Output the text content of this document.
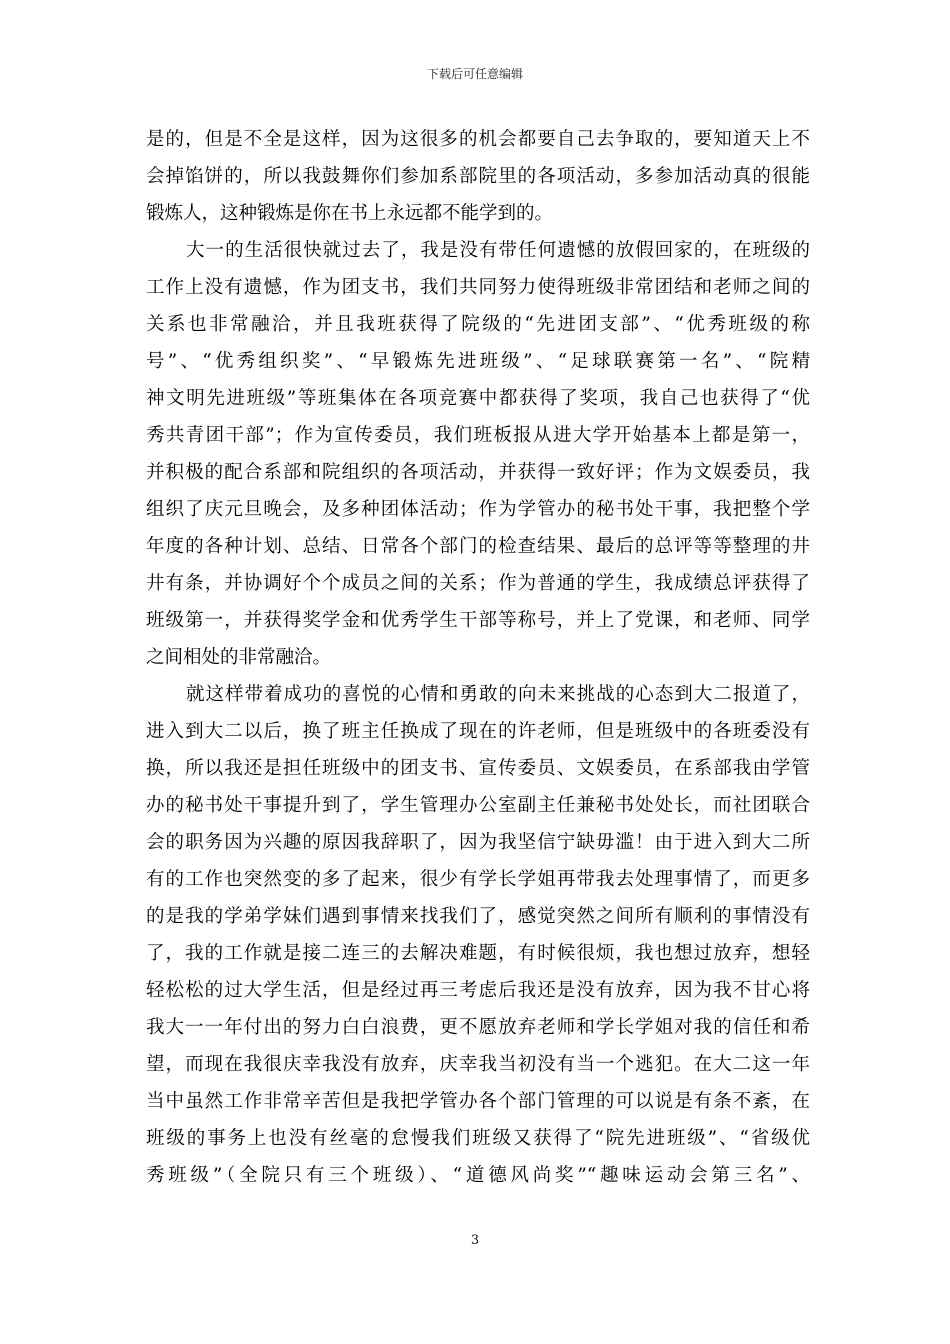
下载后可任意编辑
是的，但是不全是这样，因为这很多的机会都要自己去争取的，要知道天上不
会掉馅饼的，所以我鼓舞你们参加系部院里的各项活动，多参加活动真的很能
锻炼人，这种锻炼是你在书上永远都不能学到的。
大一的生活很快就过去了，我是没有带任何遗憾的放假回家的，在班级的
工作上没有遗憾，作为团支书，我们共同努力使得班级非常团结和老师之间的
关系也非常融洽，并且我班获得了院级的“先进团支部”、“优秀班级的称
号”、“优秀组织奖”、“早锻炼先进班级”、“足球联赛第一名”、“院精
神文明先进班级”等班集体在各项竞赛中都获得了奖项，我自己也获得了“优
秀共青团干部”；作为宣传委员，我们班板报从进大学开始基本上都是第一，
并积极的配合系部和院组织的各项活动，并获得一致好评；作为文娱委员，我
组织了庆元旦晚会，及多种团体活动；作为学管办的秘书处干事，我把整个学
年度的各种计划、总结、日常各个部门的检查结果、最后的总评等等整理的井
井有条，并协调好个个成员之间的关系；作为普通的学生，我成绩总评获得了
班级第一，并获得奖学金和优秀学生干部等称号，并上了党课，和老师、同学
之间相处的非常融洽。
就这样带着成功的喜悦的心情和勇敢的向未来挑战的心态到大二报道了，
进入到大二以后，换了班主任换成了现在的许老师，但是班级中的各班委没有
换，所以我还是担任班级中的团支书、宣传委员、文娱委员，在系部我由学管
办的秘书处干事提升到了，学生管理办公室副主任兼秘书处处长，而社团联合
会的职务因为兴趣的原因我辞职了，因为我坚信宁缺毋滥！由于进入到大二所
有的工作也突然变的多了起来，很少有学长学姐再带我去处理事情了，而更多
的是我的学弟学妹们遇到事情来找我们了，感觉突然之间所有顺利的事情没有
了，我的工作就是接二连三的去解决难题，有时候很烦，我也想过放弃，想轻
轻松松的过大学生活，但是经过再三考虑后我还是没有放弃，因为我不甘心将
我大一一年付出的努力白白浪费，更不愿放弃老师和学长学姐对我的信任和希
望，而现在我很庆幸我没有放弃，庆幸我当初没有当一个逃犯。在大二这一年
当中虽然工作非常辛苦但是我把学管办各个部门管理的可以说是有条不紊，在
班级的事务上也没有丝毫的怠慢我们班级又获得了“院先进班级”、“省级优
秀班级”（全院只有三个班级）、“道德风尚奖”“趣味运动会第三名”、
3
